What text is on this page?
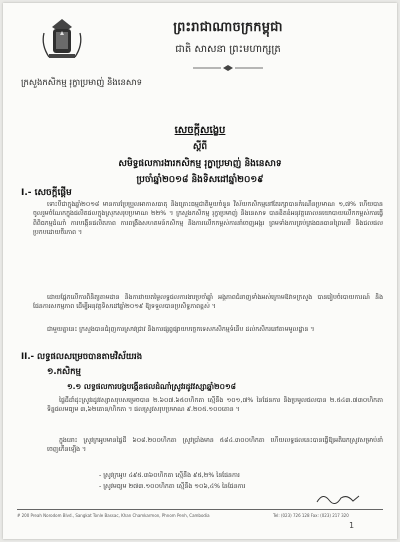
ព្រះរាជាណាចក្រកម្ពុជា
ជាតិ សាសនា ព្រះមហាក្សត្រ
ក្រសួងកសិកម្ម រុក្ខាប្រមាញ់ និងនេសាទ
សេចក្តីសង្ខេប
ស្តីពី
សមិទ្ធផលការងារកសិកម្ម រុក្ខាប្រមាញ់ និងនេសាទ
ប្រចាំឆ្នាំ២០១៨ និងទិសដៅឆ្នាំ២០១៩
I.- សេចក្តីផ្តើម
ទោះបីជាក្នុងឆ្នាំ២០១៨ មានការប្រែប្រួលអាកាសធាតុ និងគ្រោះធម្មជាតិមួយចំនួន វិស័យកសិកម្មនៅតែរក្សាបានកំណើនប្រមាណ ១,៧% ហើយបានចូលរួមចំណែកក្នុងផលិតផលក្នុងស្រុកសរុបប្រមាណ ២២% ។ ក្រសួងកសិកម្ម រុក្ខាប្រមាញ់ និងនេសាទ បានខិតខំអនុវត្តគោលនយោបាយលើកកម្ពស់ការធ្វើពិពិធកម្មដំណាំ ការបង្កើនផលិតភាព ការពង្រឹងសហគមន៍កសិកម្ម និងការលើកកម្ពស់ការនាំចេញអង្ករ ព្រមទាំងការគ្រប់គ្រងធនធានព្រៃឈើ និងជលផលប្រកបដោយចីរភាព ។
ដោយផ្អែកលើការពិនិត្យតាមដាន និងការវាយតម្លៃលទ្ធផលការងារប្រចាំឆ្នាំ អង្គភាពជំនាញទាំងអស់ក្រោមឱវាទក្រសួង បានរៀបចំរបាយការណ៍ និងផែនការសកម្មភាព ដើម្បីអនុវត្តទិសដៅឆ្នាំ២០១៩ ឱ្យទទួលបានប្រសិទ្ធភាពខ្ពស់ ។
ជាមួយគ្នានេះ ក្រសួងបានជំរុញការស្រាវជ្រាវ និងការផ្សព្វផ្សាយបច្ចេកទេសកសិកម្មទំនើប ដល់កសិករនៅតាមមូលដ្ឋាន ។
II.- លទ្ធផលសម្រេចបានតាមវិស័យរង
១.កសិកម្ម
១.១ លទ្ធផលការបង្កបង្កើនផលដំណាំស្រូវរដូវវស្សាឆ្នាំ២០១៨
ផ្ទៃដីដាំដុះស្រូវរដូវវស្សាសរុបសម្រេចបាន ២.៦០៧.៦៥០ហិកតា ស្មើនឹង ១០១,៧% នៃផែនការ និងប្រមូលផលបាន ២.៥៤៣.៧៣០ហិកតា ទិន្នផលមធ្យម ៣,៦២តោន/ហិកតា ។ ផលស្រូវសរុបប្រមាណ ៩.២០៥.១០០តោន ។
ក្នុងនោះ ស្រូវក្រអូបមានផ្ទៃដី ៦០៨.២០០ហិកតា ស្រូវប្រាំងមាន ៥៨៤.៣០០ហិកតា ហើយលទ្ធផលនេះបានធ្វើឱ្យអតិរេកស្រូវសម្រាប់នាំចេញកើនឡើង ។
- ស្រូវក្រអូប ៤៩៥.៣៦០ហិកតា ស្មើនឹង ៩៥,២% នៃផែនការ
- ស្រូវមធ្យម ២៧៣.១០០ហិកតា ស្មើនឹង ១០៦,៤% នៃផែនការ
# 200 Preah Norodom Blvd., Sangkat Tonle Bassac, Khan Chamkarmon, Phnom Penh, Cambodia	Tel: (023) 726 128 Fax: (023) 217 320
1
